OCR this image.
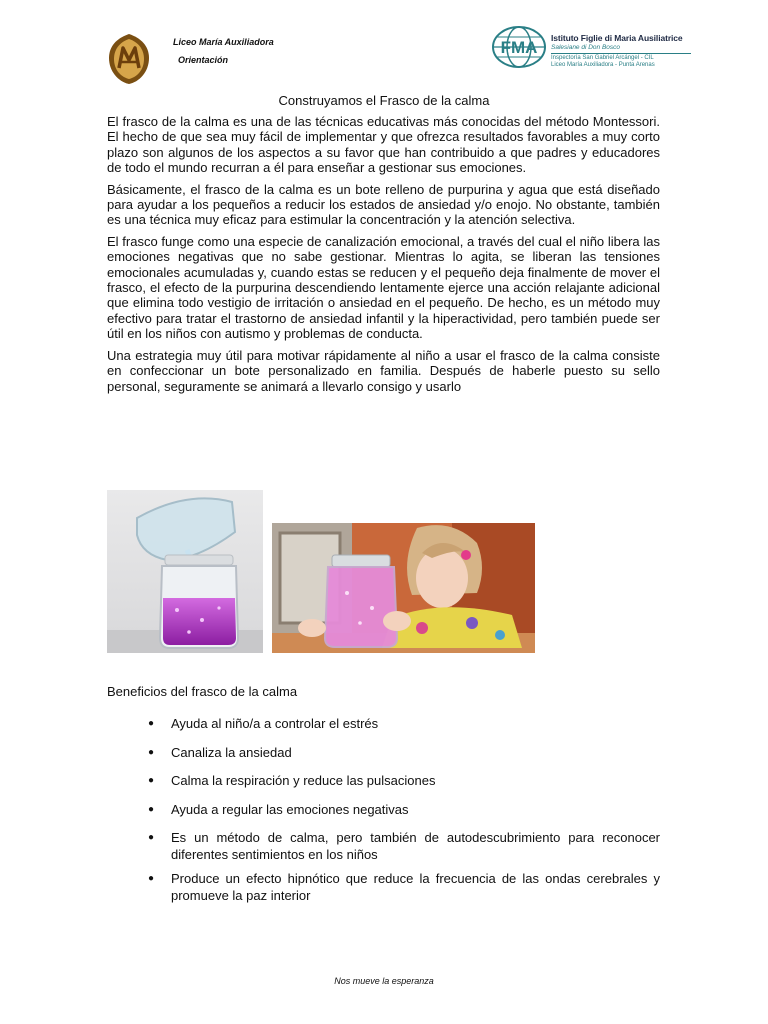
Liceo María Auxiliadora
Orientación
FMA Istituto Figlie di Maria Ausiliatrice
Salesiane di Don Bosco
Inspectoría San Gabriel Arcángel - CIL
Liceo María Auxiliadora - Punta Arenas
Construyamos el Frasco de la calma

El frasco de la calma es una de las técnicas educativas más conocidas del método Montessori. El hecho de que sea muy fácil de implementar y que ofrezca resultados favorables a muy corto plazo son algunos de los aspectos a su favor que han contribuido a que padres y educadores de todo el mundo recurran a él para enseñar a gestionar sus emociones.

Básicamente, el frasco de la calma es un bote relleno de purpurina y agua que está diseñado para ayudar a los pequeños a reducir los estados de ansiedad y/o enojo. No obstante, también es una técnica muy eficaz para estimular la concentración y la atención selectiva.

El frasco funge como una especie de canalización emocional, a través del cual el niño libera las emociones negativas que no sabe gestionar. Mientras lo agita, se liberan las tensiones emocionales acumuladas y, cuando estas se reducen y el pequeño deja finalmente de mover el frasco, el efecto de la purpurina descendiendo lentamente ejerce una acción relajante adicional que elimina todo vestigio de irritación o ansiedad en el pequeño. De hecho, es un método muy efectivo para tratar el trastorno de ansiedad infantil y la hiperactividad, pero también puede ser útil en los niños con autismo y problemas de conducta.

Una estrategia muy útil para motivar rápidamente al niño a usar el frasco de la calma consiste en confeccionar un bote personalizado en familia. Después de haberle puesto su sello personal, seguramente se animará a llevarlo consigo y usarlo

Beneficios del frasco de la calma
● Ayuda al niño/a a controlar el estrés
● Canaliza la ansiedad
● Calma la respiración y reduce las pulsaciones
● Ayuda a regular las emociones negativas
● Es un método de calma, pero también de autodescubrimiento para reconocer diferentes sentimientos en los niños
● Produce un efecto hipnótico que reduce la frecuencia de las ondas cerebrales y promueve la paz interior
Nos mueve la esperanza
